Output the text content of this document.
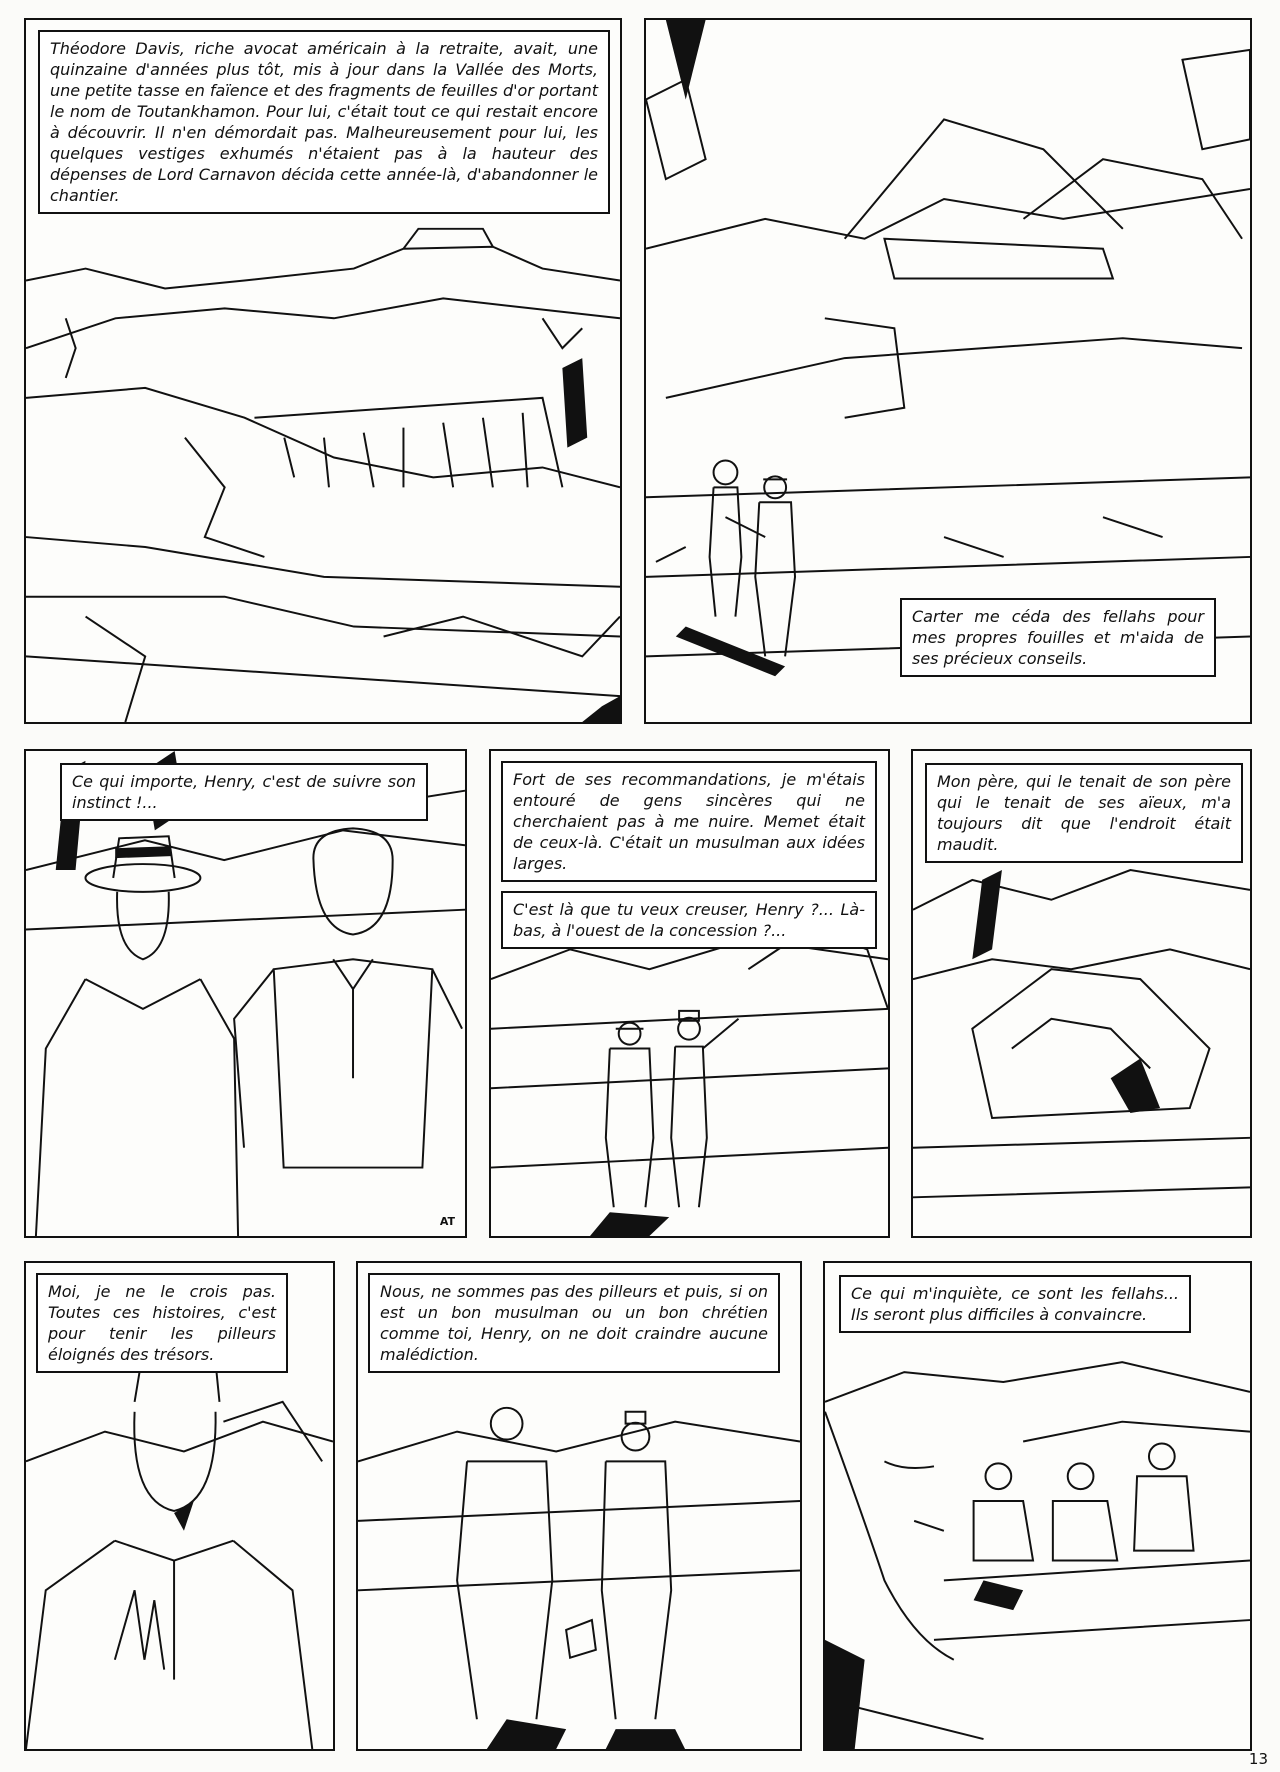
Théodore Davis, riche avocat américain à la retraite, avait, une quinzaine d'années plus tôt, mis à jour dans la Vallée des Morts, une petite tasse en faïence et des fragments de feuilles d'or portant le nom de Toutankhamon. Pour lui, c'était tout ce qui restait encore à découvrir. Il n'en démordait pas. Malheureusement pour lui, les quelques vestiges exhumés n'étaient pas à la hauteur des dépenses de Lord Carnavon décida cette année-là, d'abandonner le chantier.
Carter me céda des fellahs pour mes propres fouilles et m'aida de ses précieux conseils.
Ce qui importe, Henry, c'est de suivre son instinct !...
AT
Fort de ses recommandations, je m'étais entouré de gens sincères qui ne cherchaient pas à me nuire. Memet était de ceux-là. C'était un musulman aux idées larges.
C'est là que tu veux creuser, Henry ?... Là-bas, à l'ouest de la concession ?...
Mon père, qui le tenait de son père qui le tenait de ses aïeux, m'a toujours dit que l'endroit était maudit.
Moi, je ne le crois pas. Toutes ces histoires, c'est pour tenir les pilleurs éloignés des trésors.
Nous, ne sommes pas des pilleurs et puis, si on est un bon musulman ou un bon chrétien comme toi, Henry, on ne doit craindre aucune malédiction.
Ce qui m'inquiète, ce sont les fellahs... Ils seront plus difficiles à convaincre.
13
